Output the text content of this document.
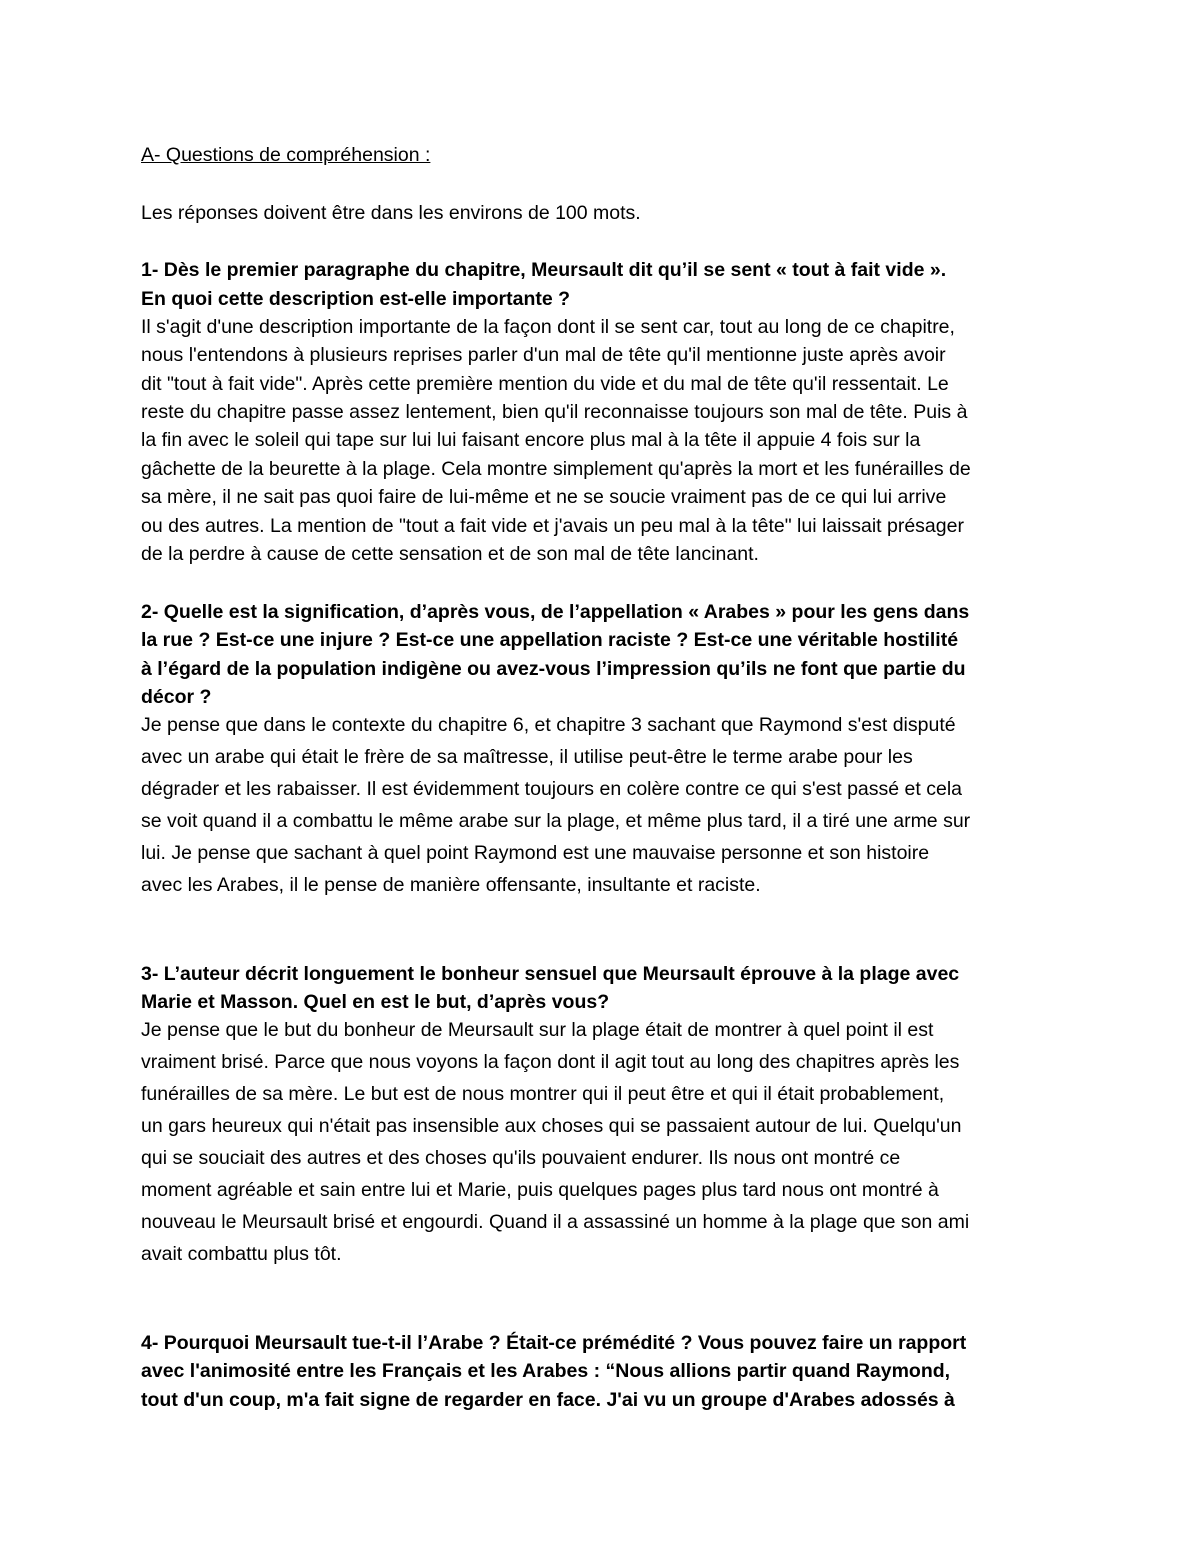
A- Questions de compréhension :
Les réponses doivent être dans les environs de 100 mots.
1- Dès le premier paragraphe du chapitre, Meursault dit qu’il se sent « tout à fait vide ».
En quoi cette description est-elle importante ?
Il s'agit d'une description importante de la façon dont il se sent car, tout au long de ce chapitre,
nous l'entendons à plusieurs reprises parler d'un mal de tête qu'il mentionne juste après avoir
dit "tout à fait vide". Après cette première mention du vide et du mal de tête qu'il ressentait. Le
reste du chapitre passe assez lentement, bien qu'il reconnaisse toujours son mal de tête. Puis à
la fin avec le soleil qui tape sur lui lui faisant encore plus mal à la tête il appuie 4 fois sur la
gâchette de la beurette à la plage. Cela montre simplement qu'après la mort et les funérailles de
sa mère, il ne sait pas quoi faire de lui-même et ne se soucie vraiment pas de ce qui lui arrive
ou des autres. La mention de "tout a fait vide et j'avais un peu mal à la tête" lui laissait présager
de la perdre à cause de cette sensation et de son mal de tête lancinant.
2- Quelle est la signification, d’après vous, de l’appellation « Arabes » pour les gens dans
la rue ? Est-ce une injure ? Est-ce une appellation raciste ? Est-ce une véritable hostilité
à l’égard de la population indigène ou avez-vous l’impression qu’ils ne font que partie du
décor ?
Je pense que dans le contexte du chapitre 6, et chapitre 3 sachant que Raymond s'est disputé
avec un arabe qui était le frère de sa maîtresse, il utilise peut-être le terme arabe pour les
dégrader et les rabaisser. Il est évidemment toujours en colère contre ce qui s'est passé et cela
se voit quand il a combattu le même arabe sur la plage, et même plus tard, il a tiré une arme sur
lui. Je pense que sachant à quel point Raymond est une mauvaise personne et son histoire
avec les Arabes, il le pense de manière offensante, insultante et raciste.
3- L’auteur décrit longuement le bonheur sensuel que Meursault éprouve à la plage avec
Marie et Masson. Quel en est le but, d’après vous?
Je pense que le but du bonheur de Meursault sur la plage était de montrer à quel point il est
vraiment brisé. Parce que nous voyons la façon dont il agit tout au long des chapitres après les
funérailles de sa mère. Le but est de nous montrer qui il peut être et qui il était probablement,
un gars heureux qui n'était pas insensible aux choses qui se passaient autour de lui. Quelqu'un
qui se souciait des autres et des choses qu'ils pouvaient endurer. Ils nous ont montré ce
moment agréable et sain entre lui et Marie, puis quelques pages plus tard nous ont montré à
nouveau le Meursault brisé et engourdi. Quand il a assassiné un homme à la plage que son ami
avait combattu plus tôt.
4- Pourquoi Meursault tue-t-il l’Arabe ? Était-ce prémédité ? Vous pouvez faire un rapport
avec l'animosité entre les Français et les Arabes : “Nous allions partir quand Raymond,
tout d'un coup, m'a fait signe de regarder en face. J'ai vu un groupe d'Arabes adossés à
